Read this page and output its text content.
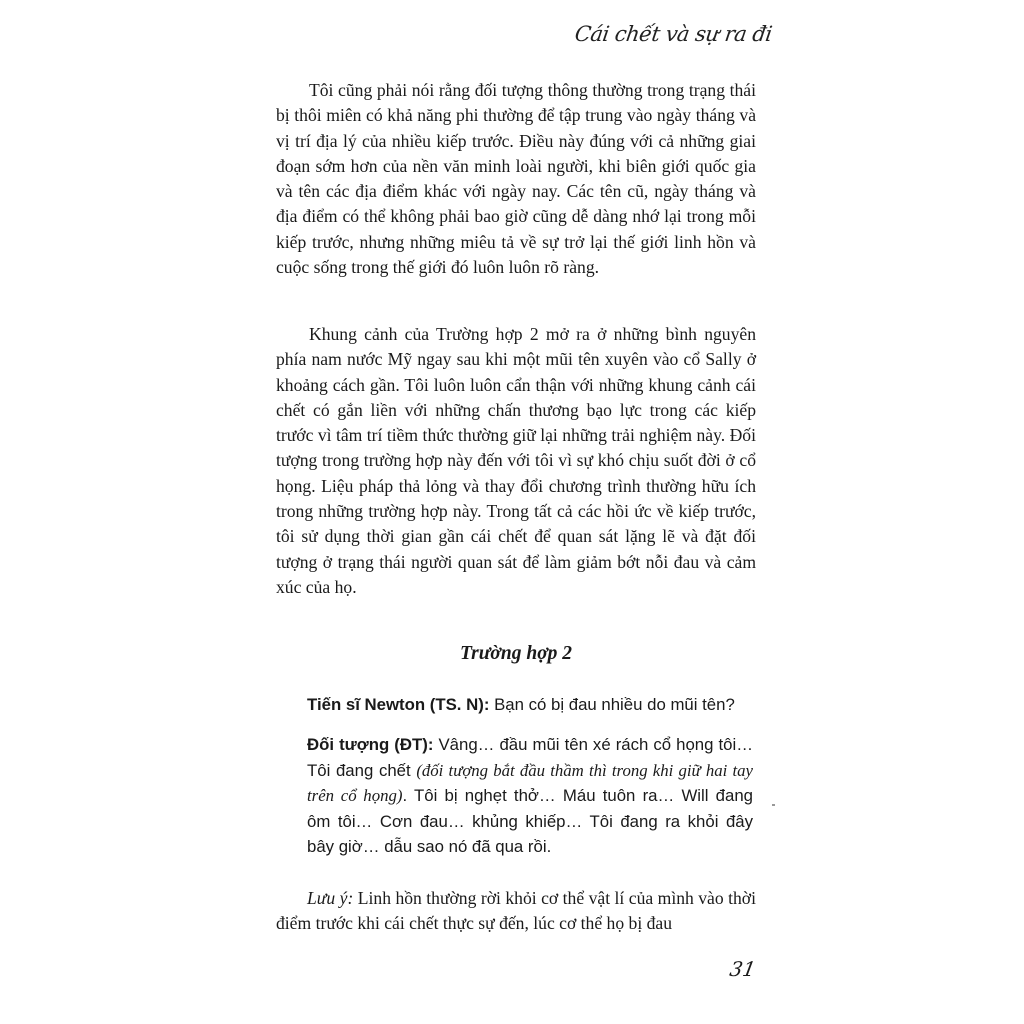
Cái chết và sự ra đi

Tôi cũng phải nói rằng đối tượng thông thường trong trạng thái bị thôi miên có khả năng phi thường để tập trung vào ngày tháng và vị trí địa lý của nhiều kiếp trước. Điều này đúng với cả những giai đoạn sớm hơn của nền văn minh loài người, khi biên giới quốc gia và tên các địa điểm khác với ngày nay. Các tên cũ, ngày tháng và địa điểm có thể không phải bao giờ cũng dễ dàng nhớ lại trong mỗi kiếp trước, nhưng những miêu tả về sự trở lại thế giới linh hồn và cuộc sống trong thế giới đó luôn luôn rõ ràng.

Khung cảnh của Trường hợp 2 mở ra ở những bình nguyên phía nam nước Mỹ ngay sau khi một mũi tên xuyên vào cổ Sally ở khoảng cách gần. Tôi luôn luôn cẩn thận với những khung cảnh cái chết có gắn liền với những chấn thương bạo lực trong các kiếp trước vì tâm trí tiềm thức thường giữ lại những trải nghiệm này. Đối tượng trong trường hợp này đến với tôi vì sự khó chịu suốt đời ở cổ họng. Liệu pháp thả lỏng và thay đổi chương trình thường hữu ích trong những trường hợp này. Trong tất cả các hồi ức về kiếp trước, tôi sử dụng thời gian gần cái chết để quan sát lặng lẽ và đặt đối tượng ở trạng thái người quan sát để làm giảm bớt nỗi đau và cảm xúc của họ.

Trường hợp 2

Tiến sĩ Newton (TS. N): Bạn có bị đau nhiều do mũi tên?

Đối tượng (ĐT): Vâng… đầu mũi tên xé rách cổ họng tôi… Tôi đang chết (đối tượng bắt đầu thầm thì trong khi giữ hai tay trên cổ họng). Tôi bị nghẹt thở… Máu tuôn ra… Will đang ôm tôi… Cơn đau… khủng khiếp… Tôi đang ra khỏi đây bây giờ… dẫu sao nó đã qua rồi.

Lưu ý: Linh hồn thường rời khỏi cơ thể vật lí của mình vào thời điểm trước khi cái chết thực sự đến, lúc cơ thể họ bị đau

31
